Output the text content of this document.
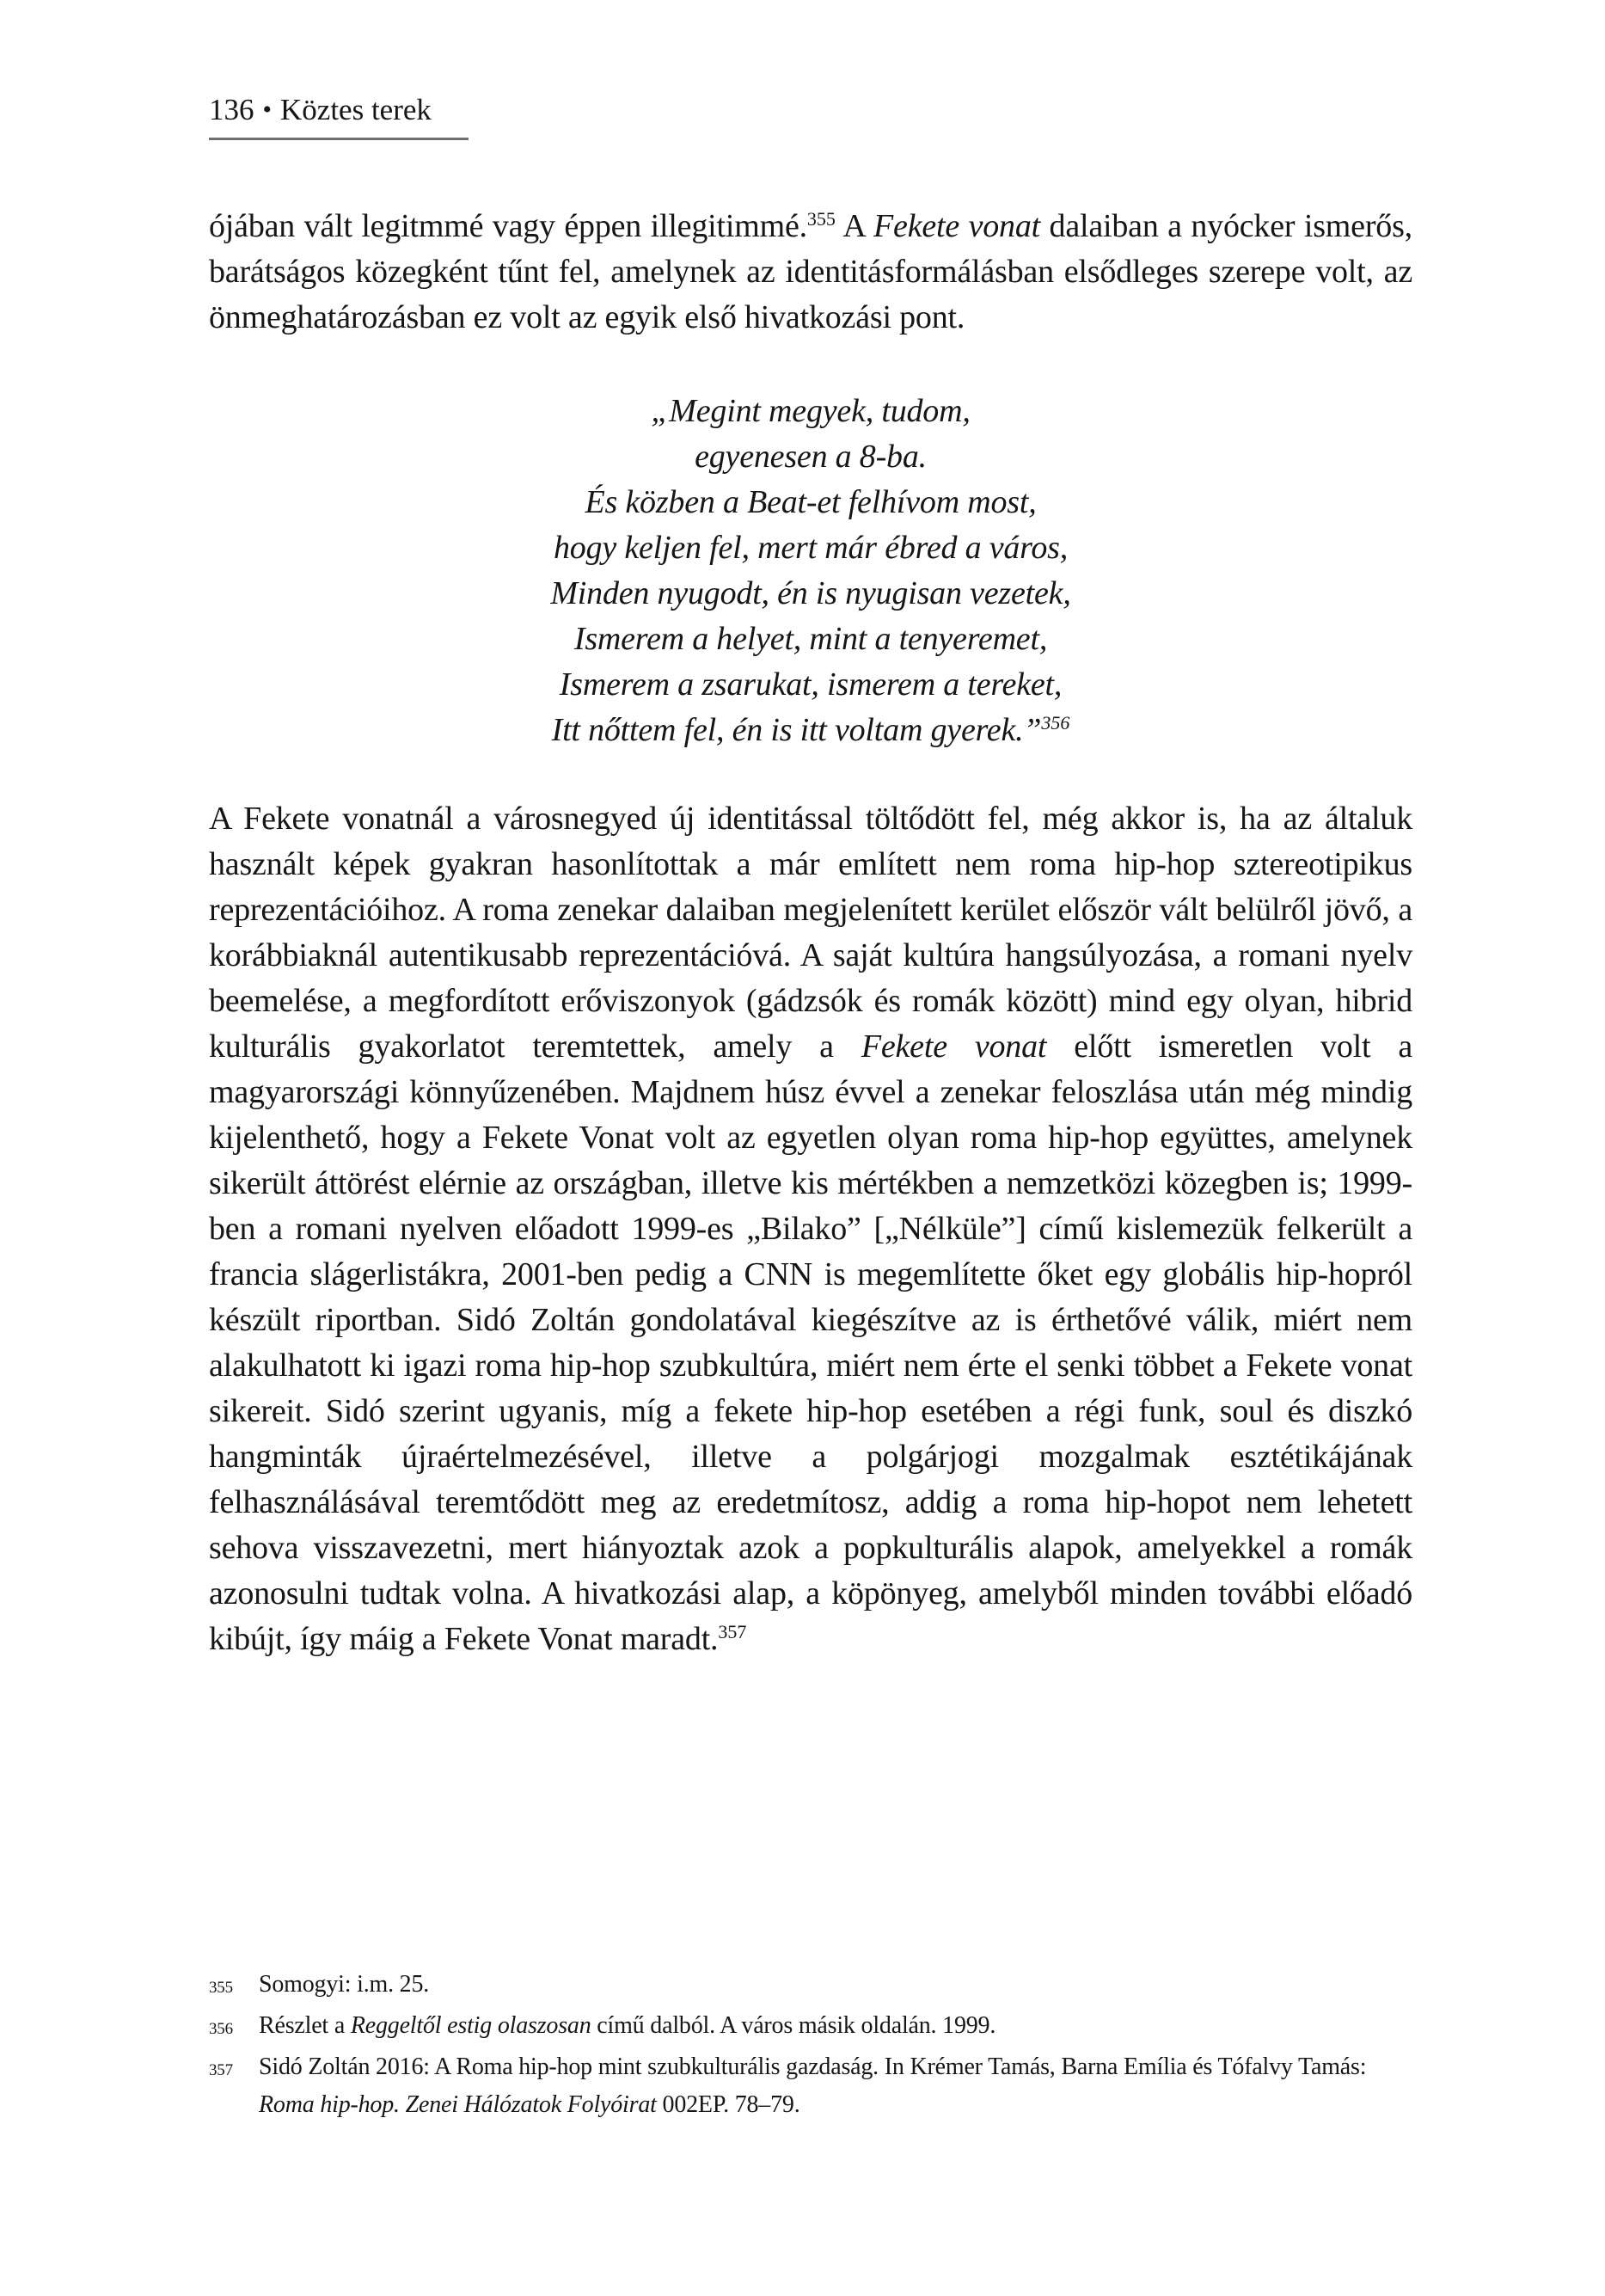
136 • Köztes terek

ójában vált legitmmé vagy éppen illegitimmé.$^{355}$ A Fekete vonat dalaiban a nyócker ismerős, barátságos közegként tűnt fel, amelynek az identitásformálásban elsődleges szerepe volt, az önmeghatározásban ez volt az egyik első hivatkozási pont.

„Megint megyek, tudom,
egyenesen a 8-ba.
És közben a Beat-et felhívom most,
hogy keljen fel, mert már ébred a város,
Minden nyugodt, én is nyugisan vezetek,
Ismerem a helyet, mint a tenyeremet,
Ismerem a zsarukat, ismerem a tereket,
Itt nőttem fel, én is itt voltam gyerek.”$^{356}$

A Fekete vonatnál a városnegyed új identitással töltődött fel, még akkor is, ha az általuk használt képek gyakran hasonlítottak a már említett nem roma hip-hop sztereotipikus reprezentációihoz. A roma zenekar dalaiban megjelenített kerület először vált belülről jövő, a korábbiaknál autentikusabb reprezentációvá. A saját kultúra hangsúlyozása, a romani nyelv beemelése, a megfordított erőviszonyok (gádzsók és romák között) mind egy olyan, hibrid kulturális gyakorlatot teremtettek, amely a Fekete vonat előtt ismeretlen volt a magyarországi könnyűzenében. Majdnem húsz évvel a zenekar feloszlása után még mindig kijelenthető, hogy a Fekete Vonat volt az egyetlen olyan roma hip-hop együttes, amelynek sikerült áttörést elérnie az országban, illetve kis mértékben a nemzetközi közegben is; 1999-ben a romani nyelven előadott 1999-es „Bilako” [„Nélküle”] című kislemezük felkerült a francia slágerlistákra, 2001-ben pedig a CNN is megemlítette őket egy globális hip-hopról készült riportban. Sidó Zoltán gondolatával kiegészítve az is érthetővé válik, miért nem alakulhatott ki igazi roma hip-hop szubkultúra, miért nem érte el senki többet a Fekete vonat sikereit. Sidó szerint ugyanis, míg a fekete hip-hop esetében a régi funk, soul és diszkó hangminták újraértelmezésével, illetve a polgárjogi mozgalmak esztétikájának felhasználásával teremtődött meg az eredetmítosz, addig a roma hip-hopot nem lehetett sehova visszavezetni, mert hiányoztak azok a popkulturális alapok, amelyekkel a romák azonosulni tudtak volna. A hivatkozási alap, a köpönyeg, amelyből minden további előadó kibújt, így máig a Fekete Vonat maradt.$^{357}$

355	Somogyi: i.m. 25.
356	Részlet a Reggeltől estig olaszosan című dalból. A város másik oldalán. 1999.
357	Sidó Zoltán 2016: A Roma hip-hop mint szubkulturális gazdaság. In Krémer Tamás, Barna Emília és Tófalvy Tamás: Roma hip-hop. Zenei Hálózatok Folyóirat 002EP. 78–79.
